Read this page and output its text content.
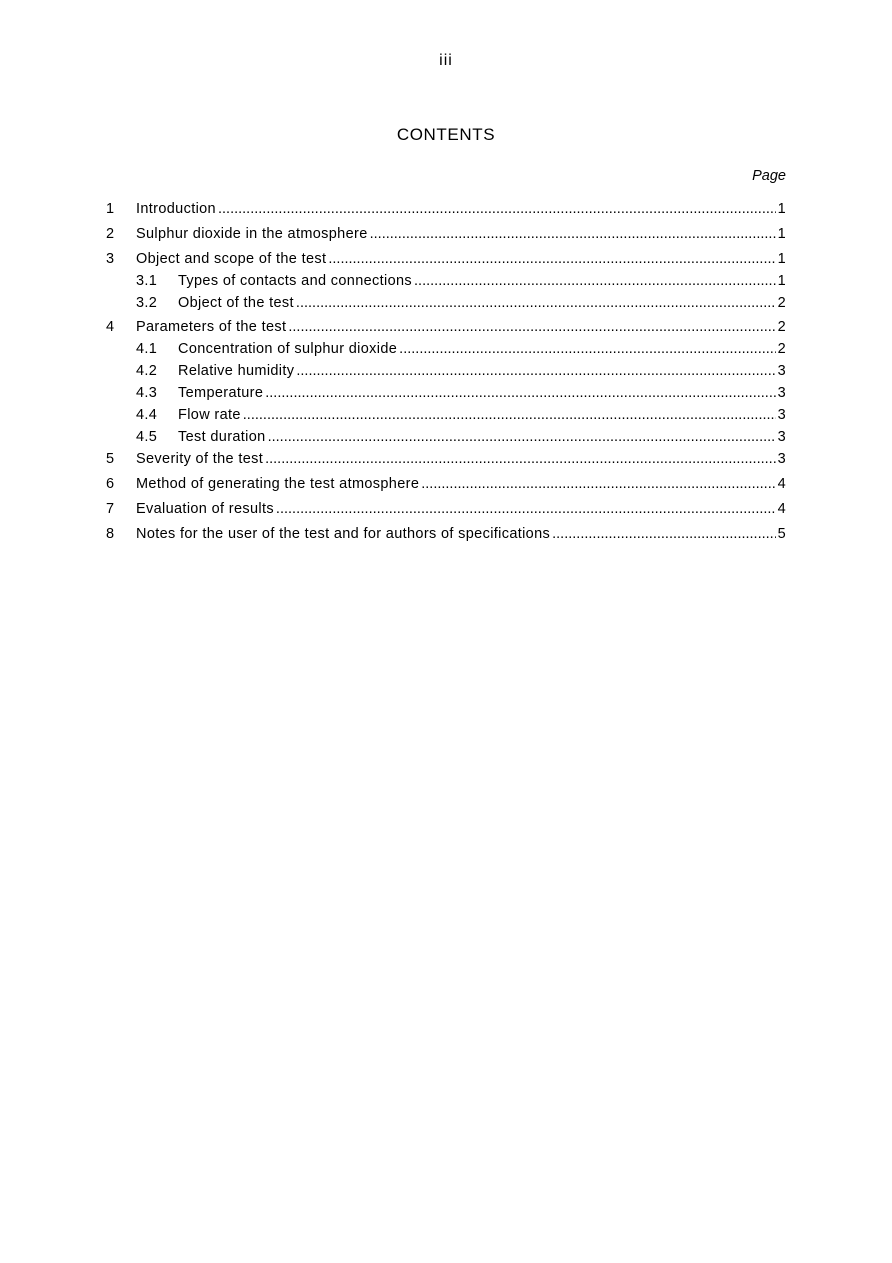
iii
CONTENTS
Page
1	Introduction .....	1
2	Sulphur dioxide in the atmosphere .....	1
3	Object and scope of the test .....	1
3.1	Types of contacts and connections .....	1
3.2	Object of the test .....	2
4	Parameters of the test .....	2
4.1	Concentration of sulphur dioxide .....	2
4.2	Relative humidity .....	3
4.3	Temperature .....	3
4.4	Flow rate .....	3
4.5	Test duration .....	3
5	Severity of the test .....	3
6	Method of generating the test atmosphere .....	4
7	Evaluation of results .....	4
8	Notes for the user of the test and for authors of specifications .....	5
